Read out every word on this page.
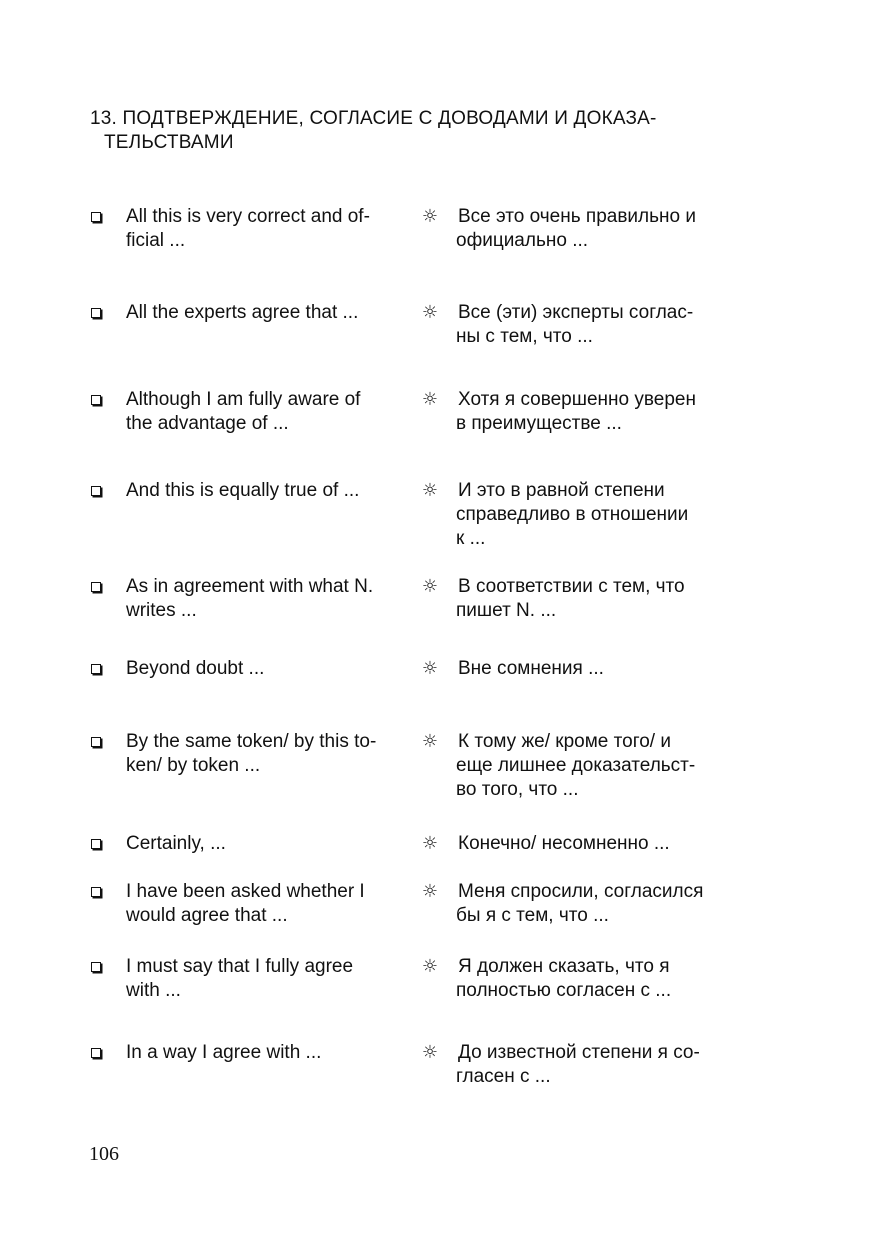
13. ПОДТВЕРЖДЕНИЕ, СОГЛАСИЕ С ДОВОДАМИ И ДОКАЗА-
ТЕЛЬСТВАМИ
All this is very correct and of-
ficial ...
☼ Все это очень правильно и
официально ...
All the experts agree that ...	☼ Все (эти) эксперты соглас-
ны с тем, что ...
Although I am fully aware of
the advantage of ...
☼ Хотя я совершенно уверен
в преимуществе ...
And this is equally true of ...	☼ И это в равной степени
справедливо в отношении
к ...
As in agreement with what N.
writes ...
☼ В соответствии с тем, что
пишет N. ...
Beyond doubt ...	☼ Вне сомнения ...
By the same token/ by this to-
ken/ by token ...
☼ К тому же/ кроме того/ и
еще лишнее доказательст-
во того, что ...
Certainly, ...	☼ Конечно/ несомненно ...
I have been asked whether I
would agree that ...
☼ Меня спросили, согласился
бы я с тем, что ...
I must say that I fully agree
with ...
☼ Я должен сказать, что я
полностью согласен с ...
In a way I agree with ...	☼ До известной степени я со-
гласен с ...
106
